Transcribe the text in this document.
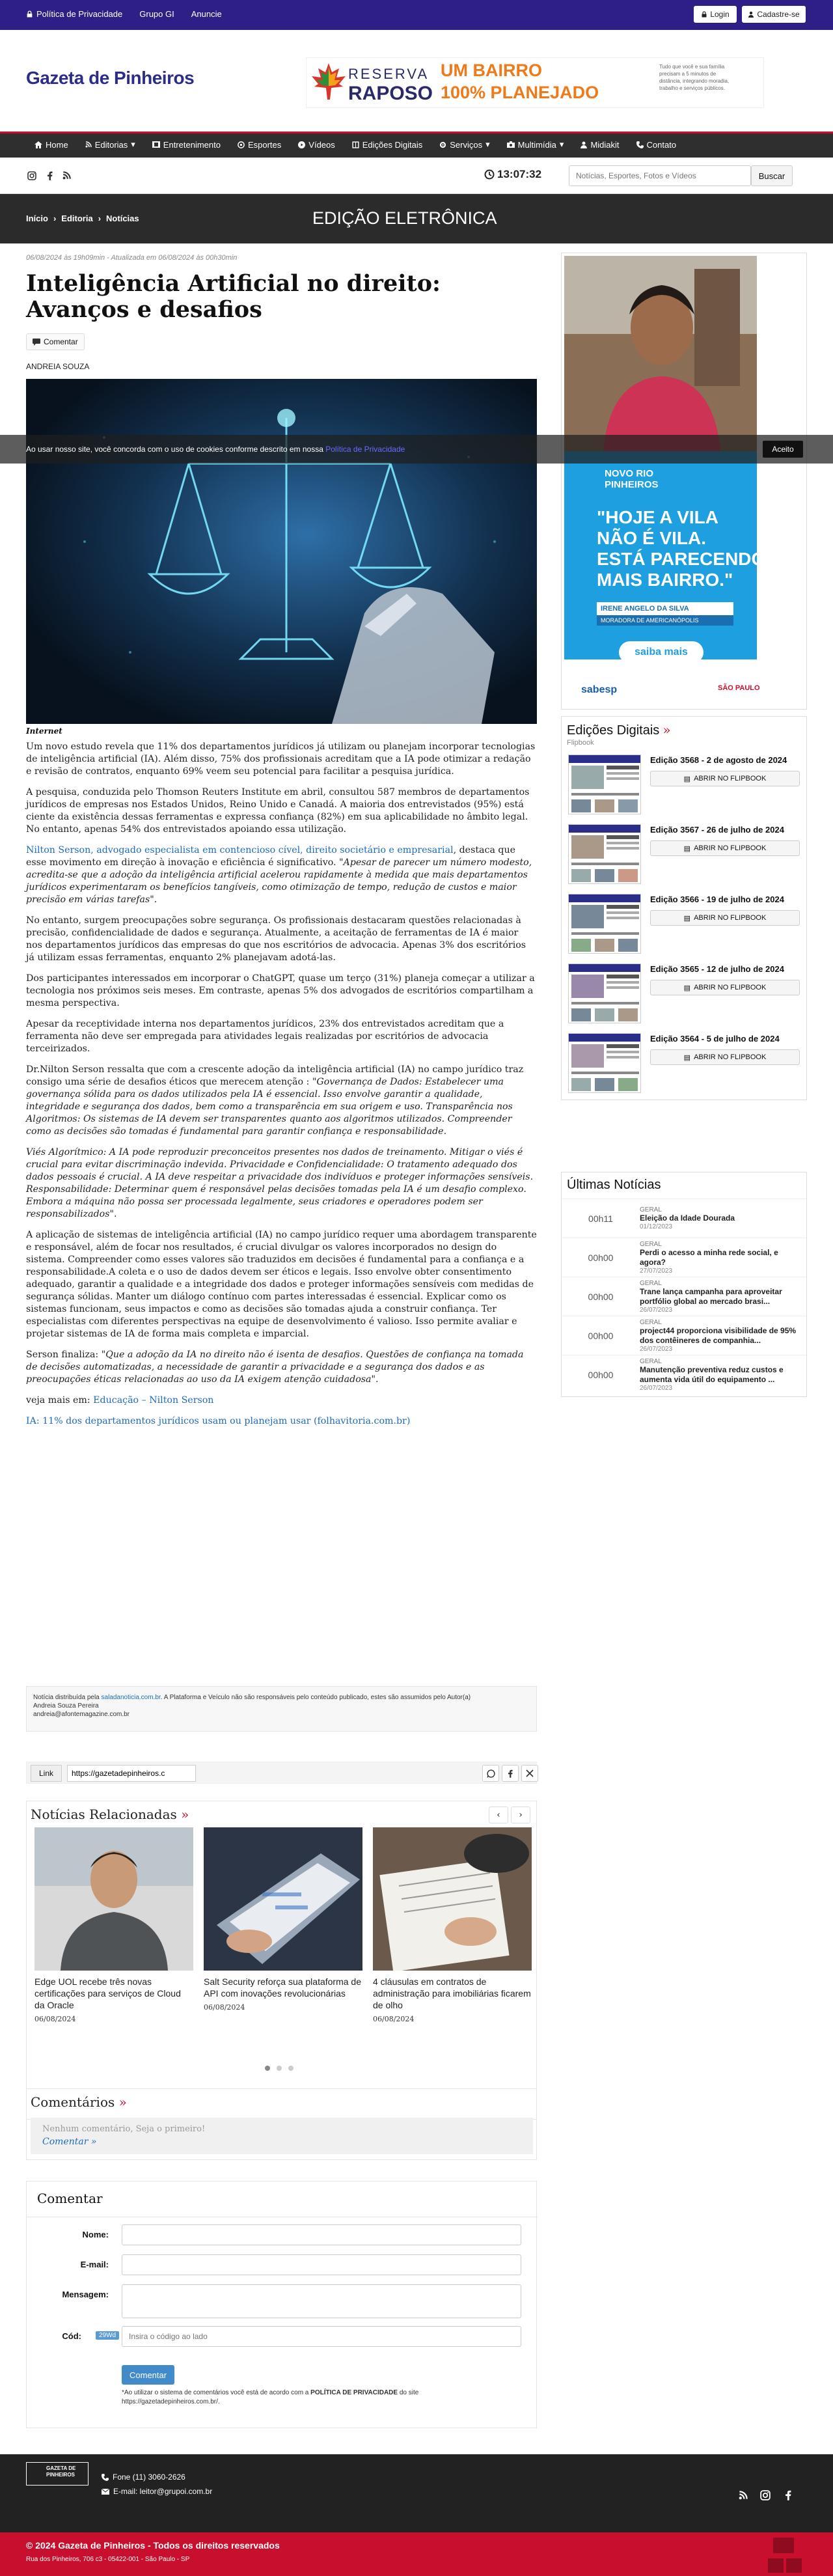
Política de Privacidade Grupo GI Anuncie	Login	Cadastre-se
Gazeta de Pinheiros	RESERVA
RAPOSO
UM BAIRRO
100% PLANEJADO
Tudo que você e sua família precisam a 5 minutos de distância, integrando moradia, trabalho e serviços públicos.
Home	Editorias ▾	Entretenimento	Esportes	Vídeos	Edições Digitais	Serviços ▾	Multimídia ▾	Midiakit	Contato
13:07:32
Notícias, Esportes, Fotos e Vídeos	Buscar
Início › Editoria › Notícias	EDIÇÃO ELETRÔNICA
06/08/2024 às 19h09min - Atualizada em 06/08/2024 às 00h30min
Inteligência Artificial no direito: Avanços e desafios
Comentar
ANDREIA SOUZA
Internet

Um novo estudo revela que 11% dos departamentos jurídicos já utilizam ou planejam incorporar tecnologias de inteligência artificial (IA). Além disso, 75% dos profissionais acreditam que a IA pode otimizar a redação e revisão de contratos, enquanto 69% veem seu potencial para facilitar a pesquisa jurídica.

A pesquisa, conduzida pelo Thomson Reuters Institute em abril, consultou 587 membros de departamentos jurídicos de empresas nos Estados Unidos, Reino Unido e Canadá. A maioria dos entrevistados (95%) está ciente da existência dessas ferramentas e expressa confiança (82%) em sua aplicabilidade no âmbito legal. No entanto, apenas 54% dos entrevistados apoiando essa utilização.

Nilton Serson, advogado especialista em contencioso cível, direito societário e empresarial, destaca que esse movimento em direção à inovação e eficiência é significativo. "Apesar de parecer um número modesto, acredita-se que a adoção da inteligência artificial acelerou rapidamente à medida que mais departamentos jurídicos experimentaram os benefícios tangíveis, como otimização de tempo, redução de custos e maior precisão em várias tarefas".

No entanto, surgem preocupações sobre segurança. Os profissionais destacaram questões relacionadas à precisão, confidencialidade de dados e segurança. Atualmente, a aceitação de ferramentas de IA é maior nos departamentos jurídicos das empresas do que nos escritórios de advocacia. Apenas 3% dos escritórios já utilizam essas ferramentas, enquanto 2% planejavam adotá-las.

Dos participantes interessados em incorporar o ChatGPT, quase um terço (31%) planeja começar a utilizar a tecnologia nos próximos seis meses. Em contraste, apenas 5% dos advogados de escritórios compartilham a mesma perspectiva.

Apesar da receptividade interna nos departamentos jurídicos, 23% dos entrevistados acreditam que a ferramenta não deve ser empregada para atividades legais realizadas por escritórios de advocacia terceirizados.

Dr.Nilton Serson ressalta que com a crescente adoção da inteligência artificial (IA) no campo jurídico traz consigo uma série de desafios éticos que merecem atenção : "Governança de Dados: Estabelecer uma governança sólida para os dados utilizados pela IA é essencial. Isso envolve garantir a qualidade, integridade e segurança dos dados, bem como a transparência em sua origem e uso. Transparência nos Algoritmos: Os sistemas de IA devem ser transparentes quanto aos algoritmos utilizados. Compreender como as decisões são tomadas é fundamental para garantir confiança e responsabilidade.

Viés Algorítmico: A IA pode reproduzir preconceitos presentes nos dados de treinamento. Mitigar o viés é crucial para evitar discriminação indevida. Privacidade e Confidencialidade: O tratamento adequado dos dados pessoais é crucial. A IA deve respeitar a privacidade dos indivíduos e proteger informações sensíveis. Responsabilidade: Determinar quem é responsável pelas decisões tomadas pela IA é um desafio complexo. Embora a máquina não possa ser processada legalmente, seus criadores e operadores podem ser responsabilizados".

A aplicação de sistemas de inteligência artificial (IA) no campo jurídico requer uma abordagem transparente e responsável, além de focar nos resultados, é crucial divulgar os valores incorporados no design do sistema. Compreender como esses valores são traduzidos em decisões é fundamental para a confiança e a responsabilidade.A coleta e o uso de dados devem ser éticos e legais. Isso envolve obter consentimento adequado, garantir a qualidade e a integridade dos dados e proteger informações sensíveis com medidas de segurança sólidas. Manter um diálogo contínuo com partes interessadas é essencial. Explicar como os sistemas funcionam, seus impactos e como as decisões são tomadas ajuda a construir confiança. Ter especialistas com diferentes perspectivas na equipe de desenvolvimento é valioso. Isso permite avaliar e projetar sistemas de IA de forma mais completa e imparcial.

Serson finaliza: "Que a adoção da IA no direito não é isenta de desafios. Questões de confiança na tomada de decisões automatizadas, a necessidade de garantir a privacidade e a segurança dos dados e as preocupações éticas relacionadas ao uso da IA exigem atenção cuidadosa".

veja mais em: Educação – Nilton Serson

IA: 11% dos departamentos jurídicos usam ou planejam usar (folhavitoria.com.br)

Notícia distribuída pela saladanoticia.com.br. A Plataforma e Veículo não são responsáveis pelo conteúdo publicado, estes são assumidos pelo Autor(a)
Andreia Souza Pereira
andreia@afontemagazine.com.br
Link
https://gazetadepinheiros.c
Notícias Relacionadas »	‹ ›
Edge UOL recebe três novas certificações para serviços de Cloud da Oracle
06/08/2024
Salt Security reforça sua plataforma de API com inovações revolucionárias
06/08/2024
4 cláusulas em contratos de administração para imobiliárias ficarem de olho
06/08/2024
Comentários »
Nenhum comentário, Seja o primeiro!
Comentar »
Comentar
Nome:
E-mail:
Mensagem:
Cód:	29Wd
Insira o código ao lado
Comentar
*Ao utilizar o sistema de comentários você está de acordo com a POLÍTICA DE PRIVACIDADE do site https://gazetadepinheiros.com.br/.
NOVO RIO PINHEIROS
"HOJE A VILA
NÃO É VILA.
ESTÁ PARECENDO
MAIS BAIRRO."
IRENE ANGELO DA SILVA
MORADORA DE AMERICANÓPOLIS
saiba mais
sabesp	SÃO PAULO
Edições Digitais »
Flipbook
Edição 3568 - 2 de agosto de 2024
▤ ABRIR NO FLIPBOOK
Edição 3567 - 26 de julho de 2024
▤ ABRIR NO FLIPBOOK
Edição 3566 - 19 de julho de 2024
▤ ABRIR NO FLIPBOOK
Edição 3565 - 12 de julho de 2024
▤ ABRIR NO FLIPBOOK
Edição 3564 - 5 de julho de 2024
▤ ABRIR NO FLIPBOOK
Últimas Notícias
00h11
GERAL
Eleição da Idade Dourada
01/12/2023
00h00
GERAL
Perdi o acesso a minha rede social, e agora?
27/07/2023
00h00
GERAL
Trane lança campanha para aproveitar portfólio global ao mercado brasi...
26/07/2023
00h00
GERAL
project44 proporciona visibilidade de 95% dos contêineres de companhia...
26/07/2023
00h00
GERAL
Manutenção preventiva reduz custos e aumenta vida útil do equipamento ...
26/07/2023
Ao usar nosso site, você concorda com o uso de cookies conforme descrito em nossa Política de Privacidade	Aceito
GAZETA DE PINHEIROS	Fone (11) 3060-2626
E-mail: leitor@grupoi.com.br
© 2024 Gazeta de Pinheiros - Todos os direitos reservados
Rua dos Pinheiros, 706 c3 - 05422-001 - São Paulo - SP
